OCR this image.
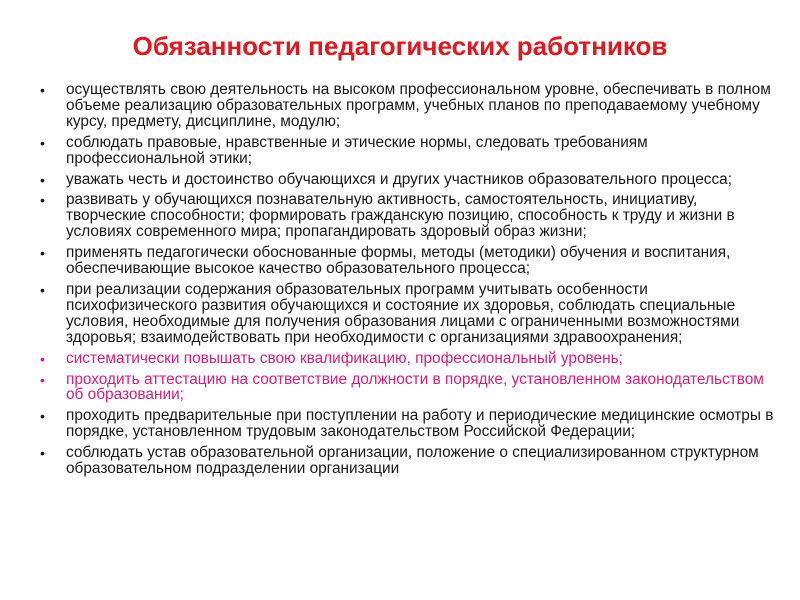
Обязанности педагогических работников
•	осуществлять свою деятельность на высоком профессиональном уровне, обеспечивать в полном объеме реализацию образовательных программ, учебных планов по преподаваемому учебному курсу, предмету, дисциплине, модулю;
•	соблюдать правовые, нравственные и этические нормы, следовать требованиям профессиональной этики;
•	уважать честь и достоинство обучающихся и других участников образовательного процесса;
•	развивать у обучающихся познавательную активность, самостоятельность, инициативу, творческие способности; формировать гражданскую позицию, способность к труду и жизни в условиях современного мира; пропагандировать здоровый образ жизни;
•	применять педагогически обоснованные формы, методы (методики) обучения и воспитания, обеспечивающие высокое качество образовательного процесса;
•	при реализации содержания образовательных программ учитывать особенности психофизического развития обучающихся и состояние их здоровья, соблюдать специальные условия, необходимые для получения образования лицами с ограниченными возможностями здоровья; взаимодействовать при необходимости с организациями здравоохранения;
•	систематически повышать свою квалификацию, профессиональный уровень;
•	проходить аттестацию на соответствие должности в порядке, установленном законодательством об образовании;
•	проходить предварительные при поступлении на работу и периодические медицинские осмотры в порядке, установленном трудовым законодательством Российской Федерации;
•	соблюдать устав образовательной организации, положение о специализированном структурном образовательном подразделении организации
